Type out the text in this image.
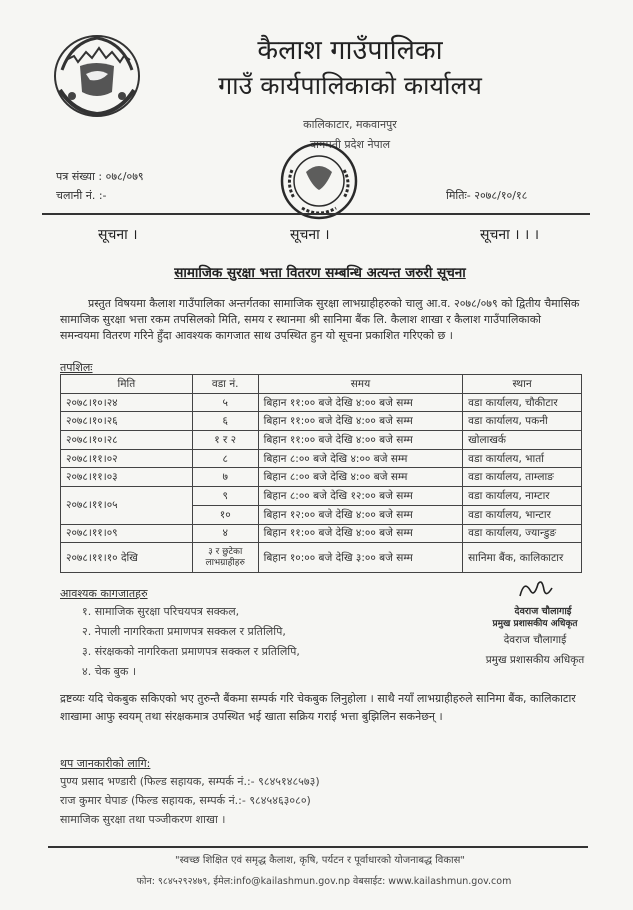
कैलाश गाउँपालिका
गाउँ कार्यपालिकाको कार्यालय
कालिकाटार, मकवानपुर
बागमती प्रदेश नेपाल
पत्र संख्या : ०७८/०७९
चलानी नं. :-	मितिः- २०७८/१०/१८
सूचना ।	सूचना ।	सूचना । । ।
सामाजिक सुरक्षा भत्ता वितरण सम्बन्धि अत्यन्त जरुरी सूचना
प्रस्तुत विषयमा कैलाश गाउँपालिका अन्तर्गतका सामाजिक सुरक्षा लाभग्राहीहरुको चालु आ.व. २०७८/०७९ को द्वितीय चैमासिक सामाजिक सुरक्षा भत्ता रकम तपसिलको मिति, समय र स्थानमा श्री सानिमा बैंक लि. कैलाश शाखा र कैलाश गाउँपालिकाको समन्वयमा वितरण गरिने हुँदा आवश्यक कागजात साथ उपस्थित हुन यो सूचना प्रकाशित गरिएको छ ।
तपशिलः
मिति	वडा नं.	समय	स्थान
२०७८।१०।२४	५	बिहान ११:०० बजे देखि ४:०० बजे सम्म	वडा कार्यालय, चौकीटार
२०७८।१०।२६	६	बिहान ११:०० बजे देखि ४:०० बजे सम्म	वडा कार्यालय, पकनी
२०७८।१०।२८	१ र २	बिहान ११:०० बजे देखि ४:०० बजे सम्म	खोलाखर्क
२०७८।११।०२	८	बिहान ८:०० बजे देखि ४:०० बजे सम्म	वडा कार्यालय, भार्ता
२०७८।११।०३	७	बिहान ८:०० बजे देखि ४:०० बजे सम्म	वडा कार्यालय, ताम्लाङ
२०७८।११।०५	९	बिहान ८:०० बजे देखि १२:०० बजे सम्म	वडा कार्यालय, नाम्टार
	१०	बिहान १२:०० बजे देखि ४:०० बजे सम्म	वडा कार्यालय, भान्टार
२०७८।११।०९	४	बिहान ११:०० बजे देखि ४:०० बजे सम्म	वडा कार्यालय, ज्यान्डुङ
२०७८।११।१० देखि	३ र छुटेका लाभग्राहीहरु	बिहान १०:०० बजे देखि ३:०० बजे सम्म	सानिमा बैंक, कालिकाटार
आवश्यक कागजातहरु
१. सामाजिक सुरक्षा परिचयपत्र सक्कल,
२. नेपाली नागरिकता प्रमाणपत्र सक्कल र प्रतिलिपि,
३. संरक्षकको नागरिकता प्रमाणपत्र सक्कल र प्रतिलिपि,
४. चेक बुक ।
देवराज चौलागाई
प्रमुख प्रशासकीय अधिकृत
देवराज चौलागाई
प्रमुख प्रशासकीय अधिकृत
द्रष्टव्यः यदि चेकबुक सकिएको भए तुरुन्तै बैंकमा सम्पर्क गरि चेकबुक लिनुहोला । साथै नयाँ लाभग्राहीहरुले सानिमा बैंक, कालिकाटार शाखामा आफु स्वयम् तथा संरक्षकमात्र उपस्थित भई खाता सक्रिय गराई भत्ता बुझिलिन सकनेछन् ।
थप जानकारीको लागि:
पुण्य प्रसाद भण्डारी (फिल्ड सहायक, सम्पर्क नं.:- ९८४५१४८५७३)
राज कुमार घेपाङ (फिल्ड सहायक, सम्पर्क नं.:- ९८४५४६३०८०)
सामाजिक सुरक्षा तथा पञ्जीकरण शाखा ।
"स्वच्छ शिक्षित एवं समृद्ध कैलाश, कृषि, पर्यटन र पूर्वाधारको योजनाबद्ध विकास"
फोन: ९८४५२९२४७९, ईमेल:info@kailashmun.gov.np वेबसाईट: www.kailashmun.gov.com
